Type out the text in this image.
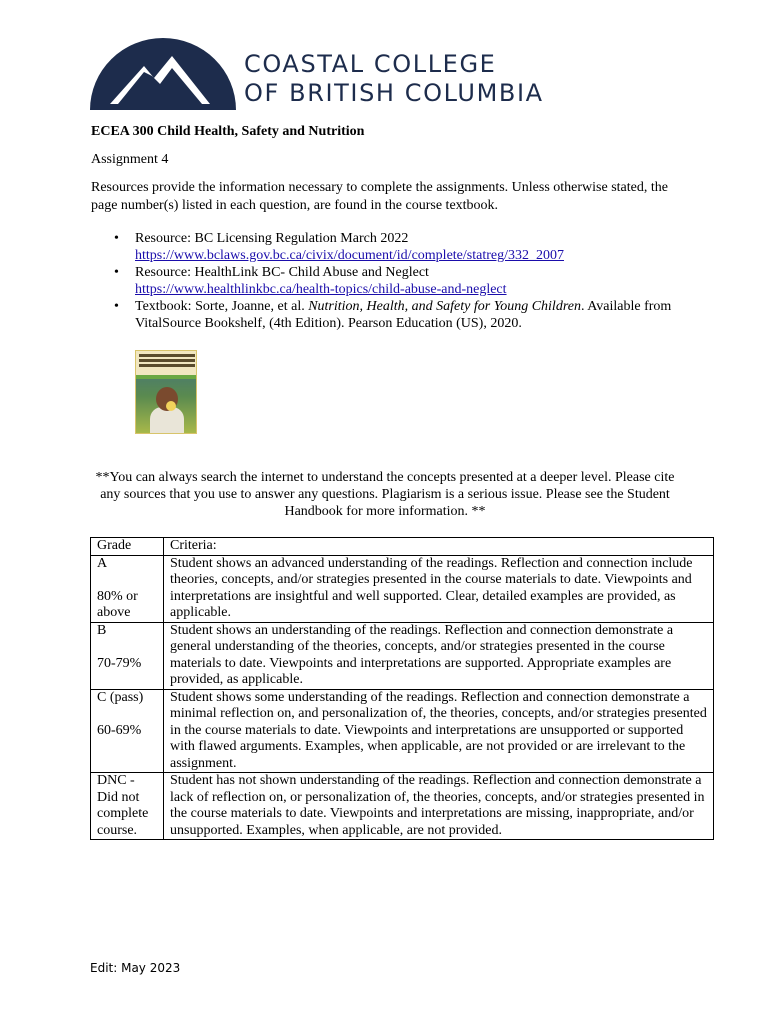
COASTAL COLLEGE
OF BRITISH COLUMBIA
ECEA 300 Child Health, Safety and Nutrition

Assignment 4

Resources provide the information necessary to complete the assignments. Unless otherwise stated, the page number(s) listed in each question, are found in the course textbook.

• Resource: BC Licensing Regulation March 2022
https://www.bclaws.gov.bc.ca/civix/document/id/complete/statreg/332_2007
• Resource: HealthLink BC- Child Abuse and Neglect
https://www.healthlinkbc.ca/health-topics/child-abuse-and-neglect
• Textbook: Sorte, Joanne, et al. Nutrition, Health, and Safety for Young Children. Available from VitalSource Bookshelf, (4th Edition). Pearson Education (US), 2020.

**You can always search the internet to understand the concepts presented at a deeper level. Please cite any sources that you use to answer any questions. Plagiarism is a serious issue. Please see the Student Handbook for more information. **

Grade	Criteria:

A
80% or above	Student shows an advanced understanding of the readings. Reflection and connection include theories, concepts, and/or strategies presented in the course materials to date. Viewpoints and interpretations are insightful and well supported. Clear, detailed examples are provided, as applicable.

B
70-79%	Student shows an understanding of the readings. Reflection and connection demonstrate a general understanding of the theories, concepts, and/or strategies presented in the course materials to date. Viewpoints and interpretations are supported. Appropriate examples are provided, as applicable.

C (pass)
60-69%	Student shows some understanding of the readings. Reflection and connection demonstrate a minimal reflection on, and personalization of, the theories, concepts, and/or strategies presented in the course materials to date. Viewpoints and interpretations are unsupported or supported with flawed arguments. Examples, when applicable, are not provided or are irrelevant to the assignment.

DNC - Did not complete course.	Student has not shown understanding of the readings. Reflection and connection demonstrate a lack of reflection on, or personalization of, the theories, concepts, and/or strategies presented in the course materials to date. Viewpoints and interpretations are missing, inappropriate, and/or unsupported. Examples, when applicable, are not provided.

Edit: May 2023
